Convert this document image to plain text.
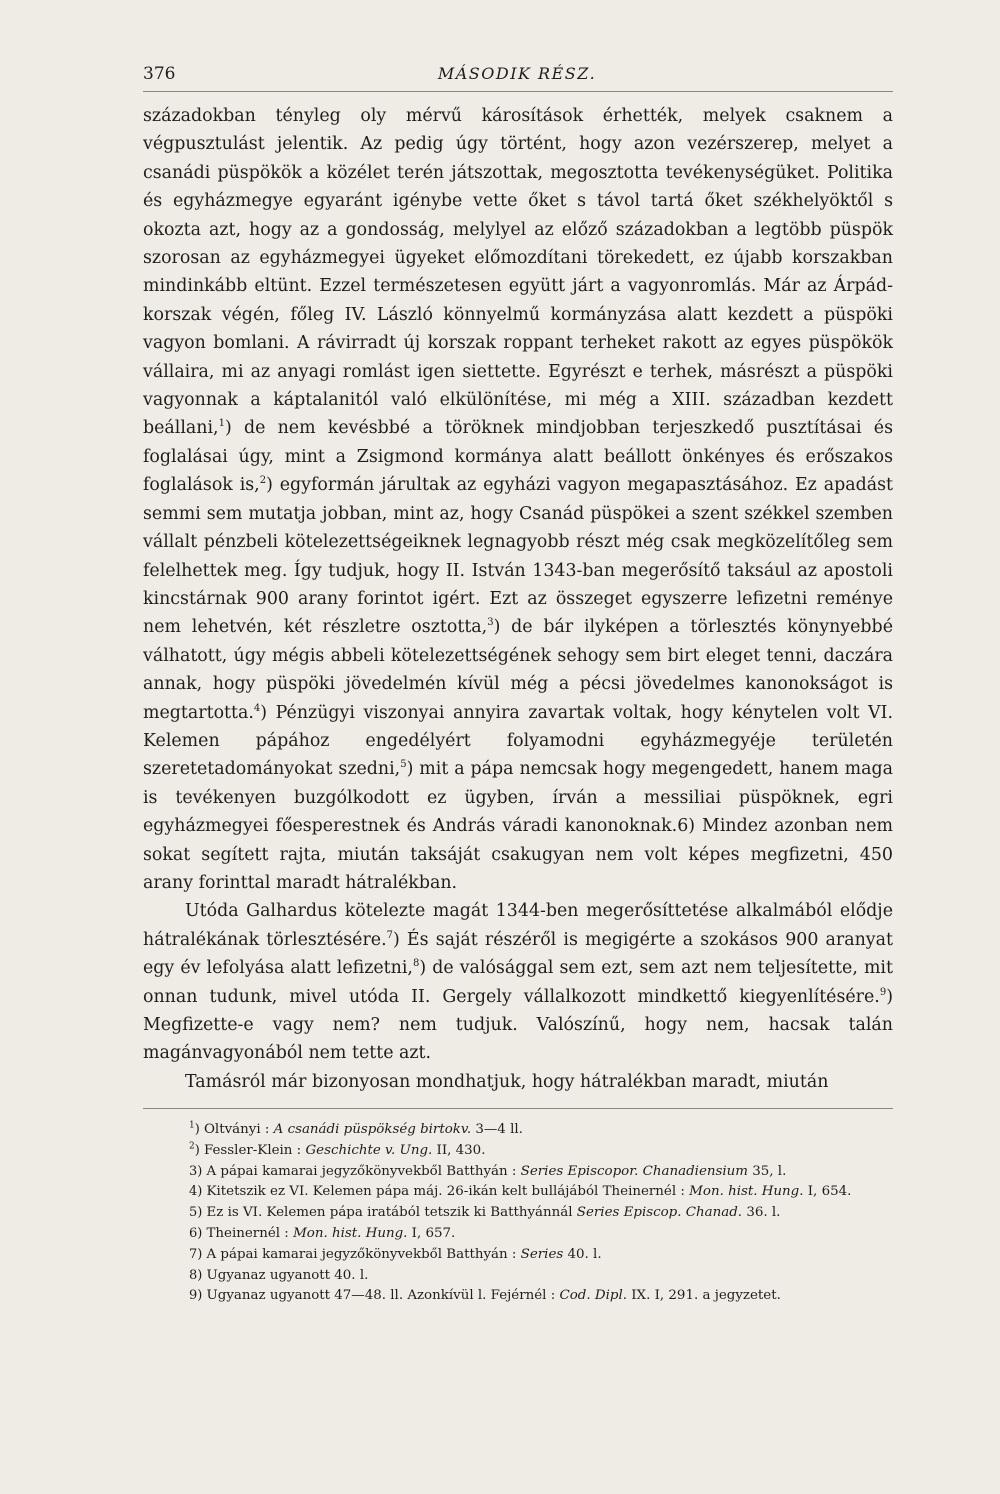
376	MÁSODIK RÉSZ.

századokban tényleg oly mérvű károsítások érhették, melyek csaknem a végpusztulást jelentik. Az pedig úgy történt, hogy azon vezérszerep, melyet a csanádi püspökök a közélet terén játszottak, megosztotta tevékenységüket. Politika és egyházmegye egyaránt igénybe vette őket s távol tartá őket székhelyöktől s okozta azt, hogy az a gondosság, melylyel az előző századokban a legtöbb püspök szorosan az egyházmegyei ügyeket előmozdítani törekedett, ez újabb korszakban mindinkább eltünt. Ezzel természetesen együtt járt a vagyonromlás. Már az Árpád-korszak végén, főleg IV. László könnyelmű kormányzása alatt kezdett a püspöki vagyon bomlani. A rávirradt új korszak roppant terheket rakott az egyes püspökök vállaira, mi az anyagi romlást igen siettette. Egyrészt e terhek, másrészt a püspöki vagyonnak a káptalanitól való elkülönítése, mi még a XIII. században kezdett beállani,$^1$) de nem kevésbbé a töröknek mindjobban terjeszkedő pusztításai és foglalásai úgy, mint a Zsigmond kormánya alatt beállott önkényes és erőszakos foglalások is,$^2$) egyformán járultak az egyházi vagyon megapasztásához. Ez apadást semmi sem mutatja jobban, mint az, hogy Csanád püspökei a szent székkel szemben vállalt pénzbeli kötelezettségeiknek legnagyobb részt még csak megközelítőleg sem felelhettek meg. Így tudjuk, hogy II. István 1343-ban megerősítő taksául az apostoli kincstárnak 900 arany forintot igért. Ezt az összeget egyszerre lefizetni reménye nem lehetvén, két részletre osztotta,$^3$) de bár ilyképen a törlesztés könynyebbé válhatott, úgy mégis abbeli kötelezettségének sehogy sem birt eleget tenni, daczára annak, hogy püspöki jövedelmén kívül még a pécsi jövedelmes kanonokságot is megtartotta.$^4$) Pénzügyi viszonyai annyira zavartak voltak, hogy kénytelen volt VI. Kelemen pápához engedélyért folyamodni egyházmegyéje területén szeretetadományokat szedni,$^5$) mit a pápa nemcsak hogy megengedett, hanem maga is tevékenyen buzgólkodott ez ügyben, írván a messiliai püspöknek, egri egyházmegyei főesperestnek és András váradi kanonoknak.6) Mindez azonban nem sokat segített rajta, miután taksáját csakugyan nem volt képes megfizetni, 450 arany forinttal maradt hátralékban.

Utóda Galhardus kötelezte magát 1344-ben megerősíttetése alkalmából elődje hátralékának törlesztésére.$^7$) És saját részéről is megigérte a szokásos 900 aranyat egy év lefolyása alatt lefizetni,$^8$) de valósággal sem ezt, sem azt nem teljesítette, mit onnan tudunk, mivel utóda II. Gergely vállalkozott mindkettő kiegyenlítésére.$^9$) Megfizette-e vagy nem? nem tudjuk. Valószínű, hogy nem, hacsak talán magánvagyonából nem tette azt.

Tamásról már bizonyosan mondhatjuk, hogy hátralékban maradt, miután

$^1$) Oltványi : A csanádi püspökség birtokv. 3—4 ll.

$^2$) Fessler-Klein : Geschichte v. Ung. II, 430.

3) A pápai kamarai jegyzőkönyvekből Batthyán : Series Episcopor. Chanadiensium 35, l.

4) Kitetszik ez VI. Kelemen pápa máj. 26-ikán kelt bullájából Theinernél : Mon. hist. Hung. I, 654.

5) Ez is VI. Kelemen pápa iratából tetszik ki Batthyánnál Series Episcop. Chanad. 36. l.

6) Theinernél : Mon. hist. Hung. I, 657.

7) A pápai kamarai jegyzőkönyvekből Batthyán : Series 40. l.

8) Ugyanaz ugyanott 40. l.

9) Ugyanaz ugyanott 47—48. ll. Azonkívül l. Fejérnél : Cod. Dipl. IX. I, 291. a jegyzetet.
